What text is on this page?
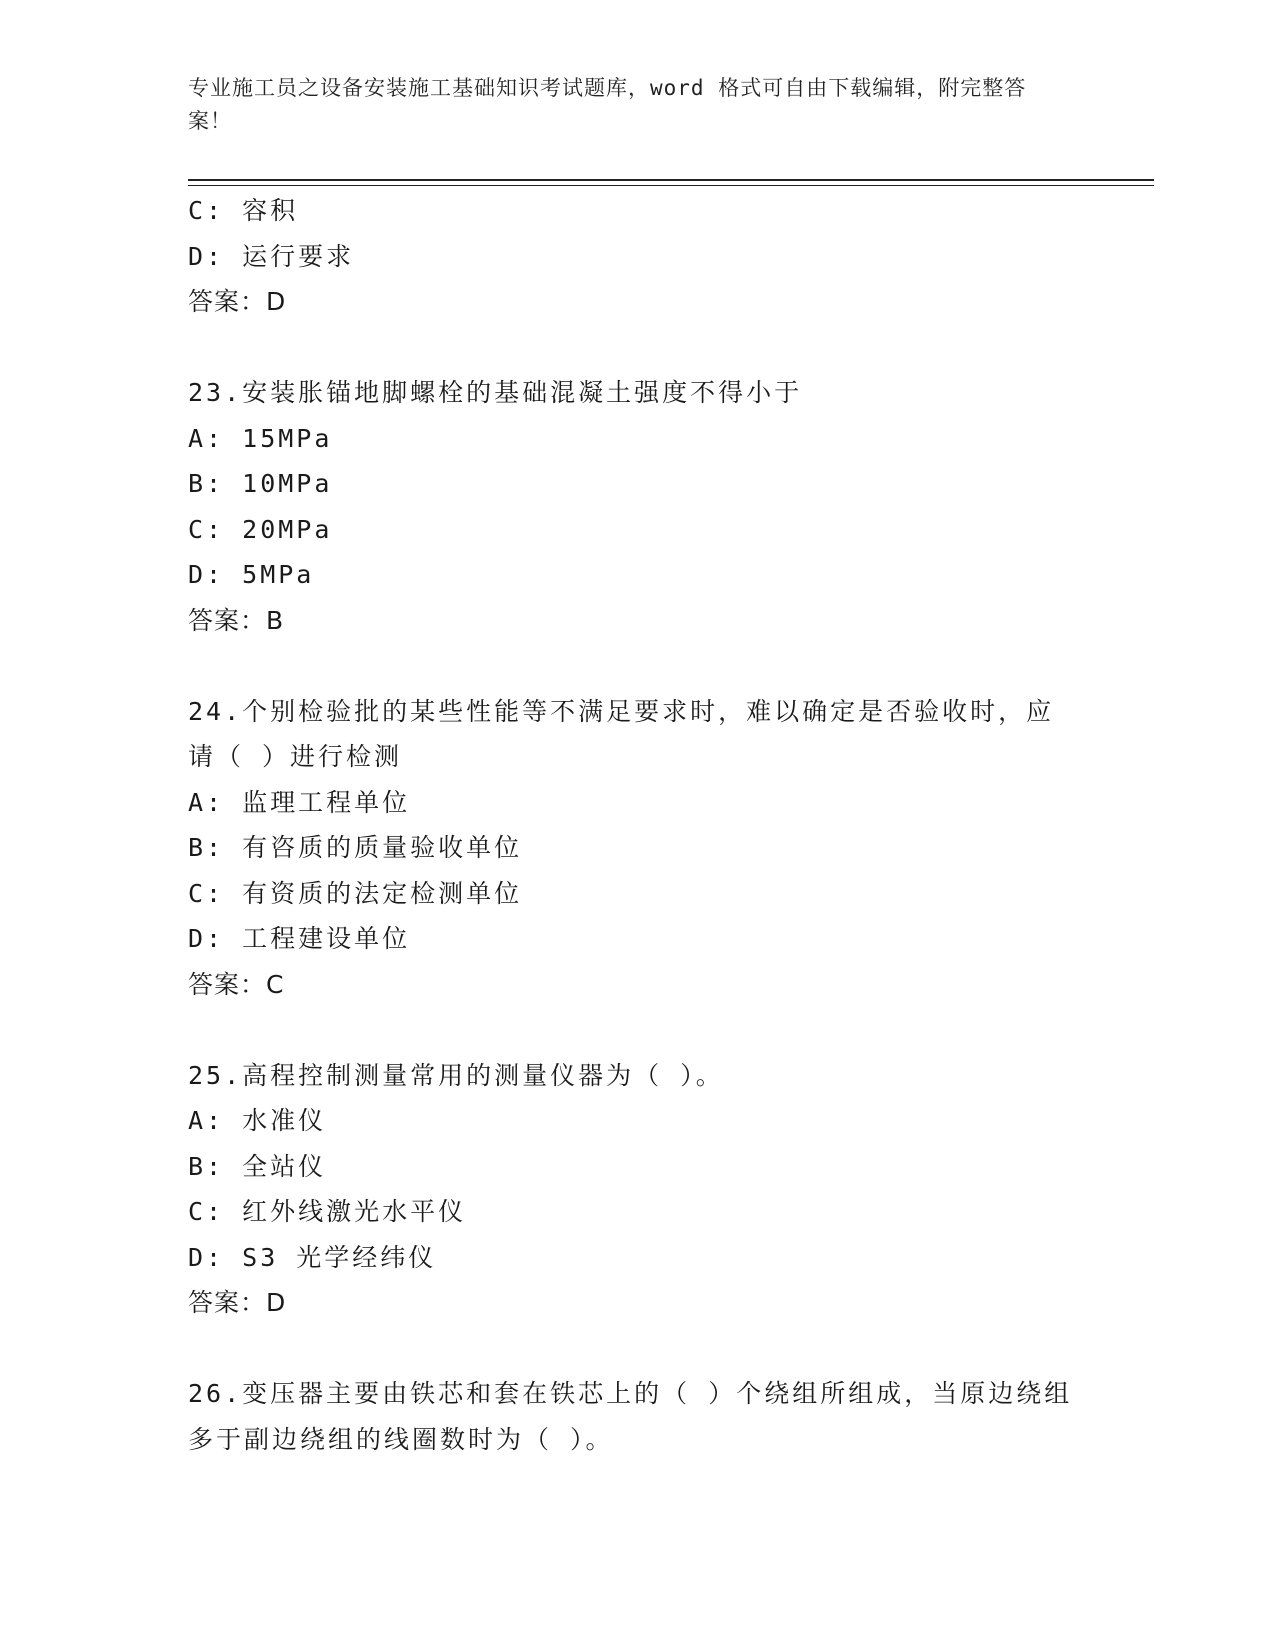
专业施工员之设备安装施工基础知识考试题库，word 格式可自由下载编辑，附完整答案！
C: 容积
D: 运行要求
答案：D
23.安装胀锚地脚螺栓的基础混凝土强度不得小于
A: 15MPa
B: 10MPa
C: 20MPa
D: 5MPa
答案：B
24.个别检验批的某些性能等不满足要求时，难以确定是否验收时，应请（ ）进行检测
A: 监理工程单位
B: 有咨质的质量验收单位
C: 有资质的法定检测单位
D: 工程建设单位
答案：C
25.高程控制测量常用的测量仪器为（ ）。
A: 水准仪
B: 全站仪
C: 红外线激光水平仪
D: S3 光学经纬仪
答案：D
26.变压器主要由铁芯和套在铁芯上的（ ）个绕组所组成，当原边绕组多于副边绕组的线圈数时为（ ）。
